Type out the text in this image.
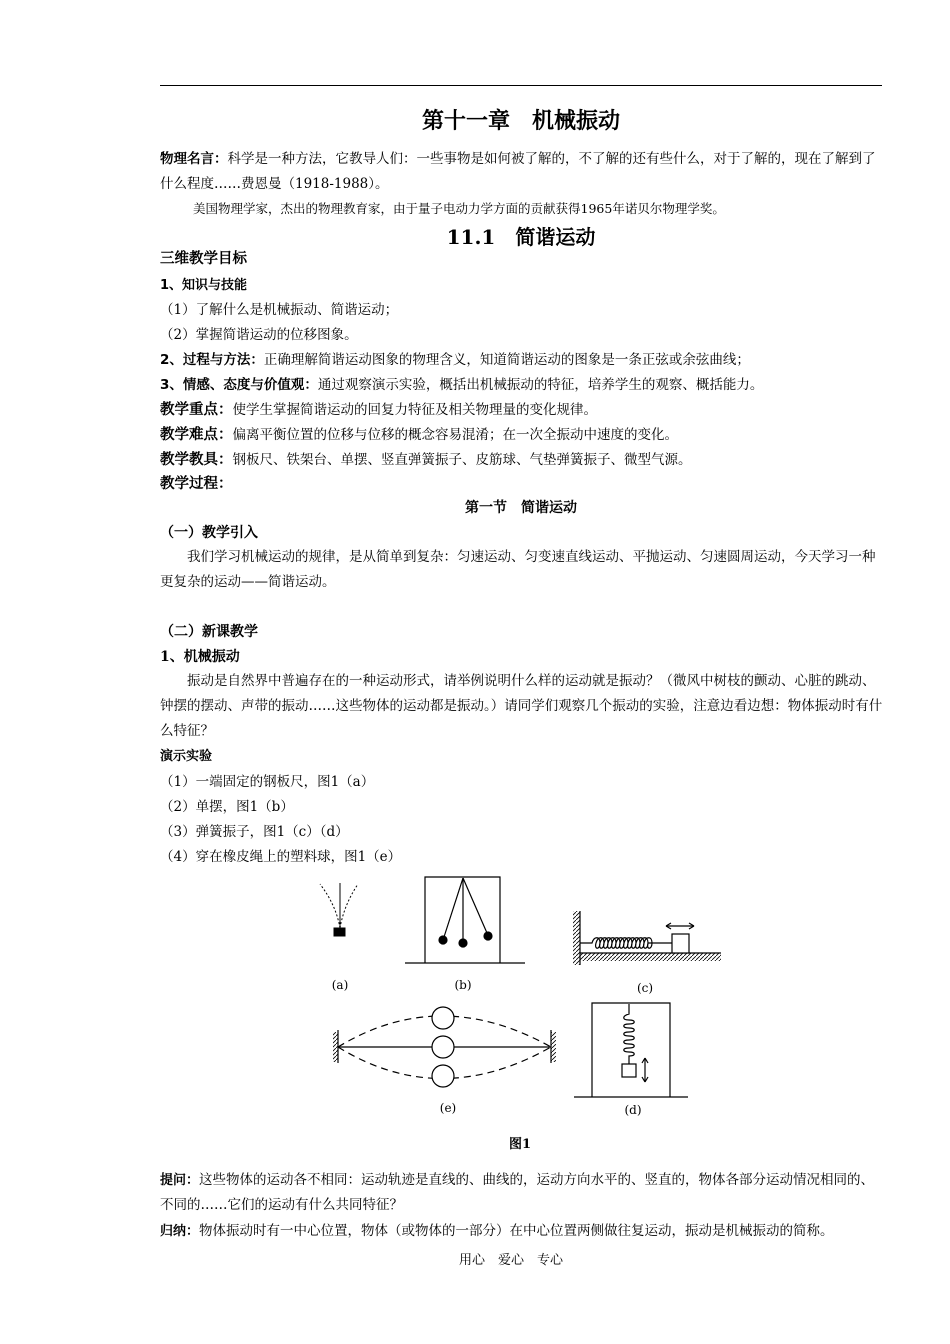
第十一章　机械振动
物理名言：科学是一种方法，它教导人们：一些事物是如何被了解的，不了解的还有些什么，对于了解的，现在了解到了什么程度……费恩曼（1918-1988）。
美国物理学家，杰出的物理教育家，由于量子电动力学方面的贡献获得1965年诺贝尔物理学奖。
11.1　简谐运动
三维教学目标
1、知识与技能
（1）了解什么是机械振动、简谐运动；
（2）掌握简谐运动的位移图象。
2、过程与方法：正确理解简谐运动图象的物理含义，知道简谐运动的图象是一条正弦或余弦曲线；
3、情感、态度与价值观：通过观察演示实验，概括出机械振动的特征，培养学生的观察、概括能力。
教学重点：使学生掌握简谐运动的回复力特征及相关物理量的变化规律。
教学难点：偏离平衡位置的位移与位移的概念容易混淆；在一次全振动中速度的变化。
教学教具：钢板尺、铁架台、单摆、竖直弹簧振子、皮筋球、气垫弹簧振子、微型气源。
教学过程：
第一节　简谐运动
（一）教学引入
我们学习机械运动的规律，是从简单到复杂：匀速运动、匀变速直线运动、平抛运动、匀速圆周运动，今天学习一种更复杂的运动——简谐运动。
（二）新课教学
1、机械振动
振动是自然界中普遍存在的一种运动形式，请举例说明什么样的运动就是振动？（微风中树枝的颤动、心脏的跳动、钟摆的摆动、声带的振动……这些物体的运动都是振动。）请同学们观察几个振动的实验，注意边看边想：物体振动时有什么特征？
演示实验
（1）一端固定的钢板尺，图1（a）
（2）单摆，图1（b）
（3）弹簧振子，图1（c）（d）
（4）穿在橡皮绳上的塑料球，图1（e）
(a)	(b)	(c)
(e)	(d)
图1
提问：这些物体的运动各不相同：运动轨迹是直线的、曲线的，运动方向水平的、竖直的，物体各部分运动情况相同的、不同的……它们的运动有什么共同特征？
归纳：物体振动时有一中心位置，物体（或物体的一部分）在中心位置两侧做往复运动，振动是机械振动的简称。
用心　爱心　专心
